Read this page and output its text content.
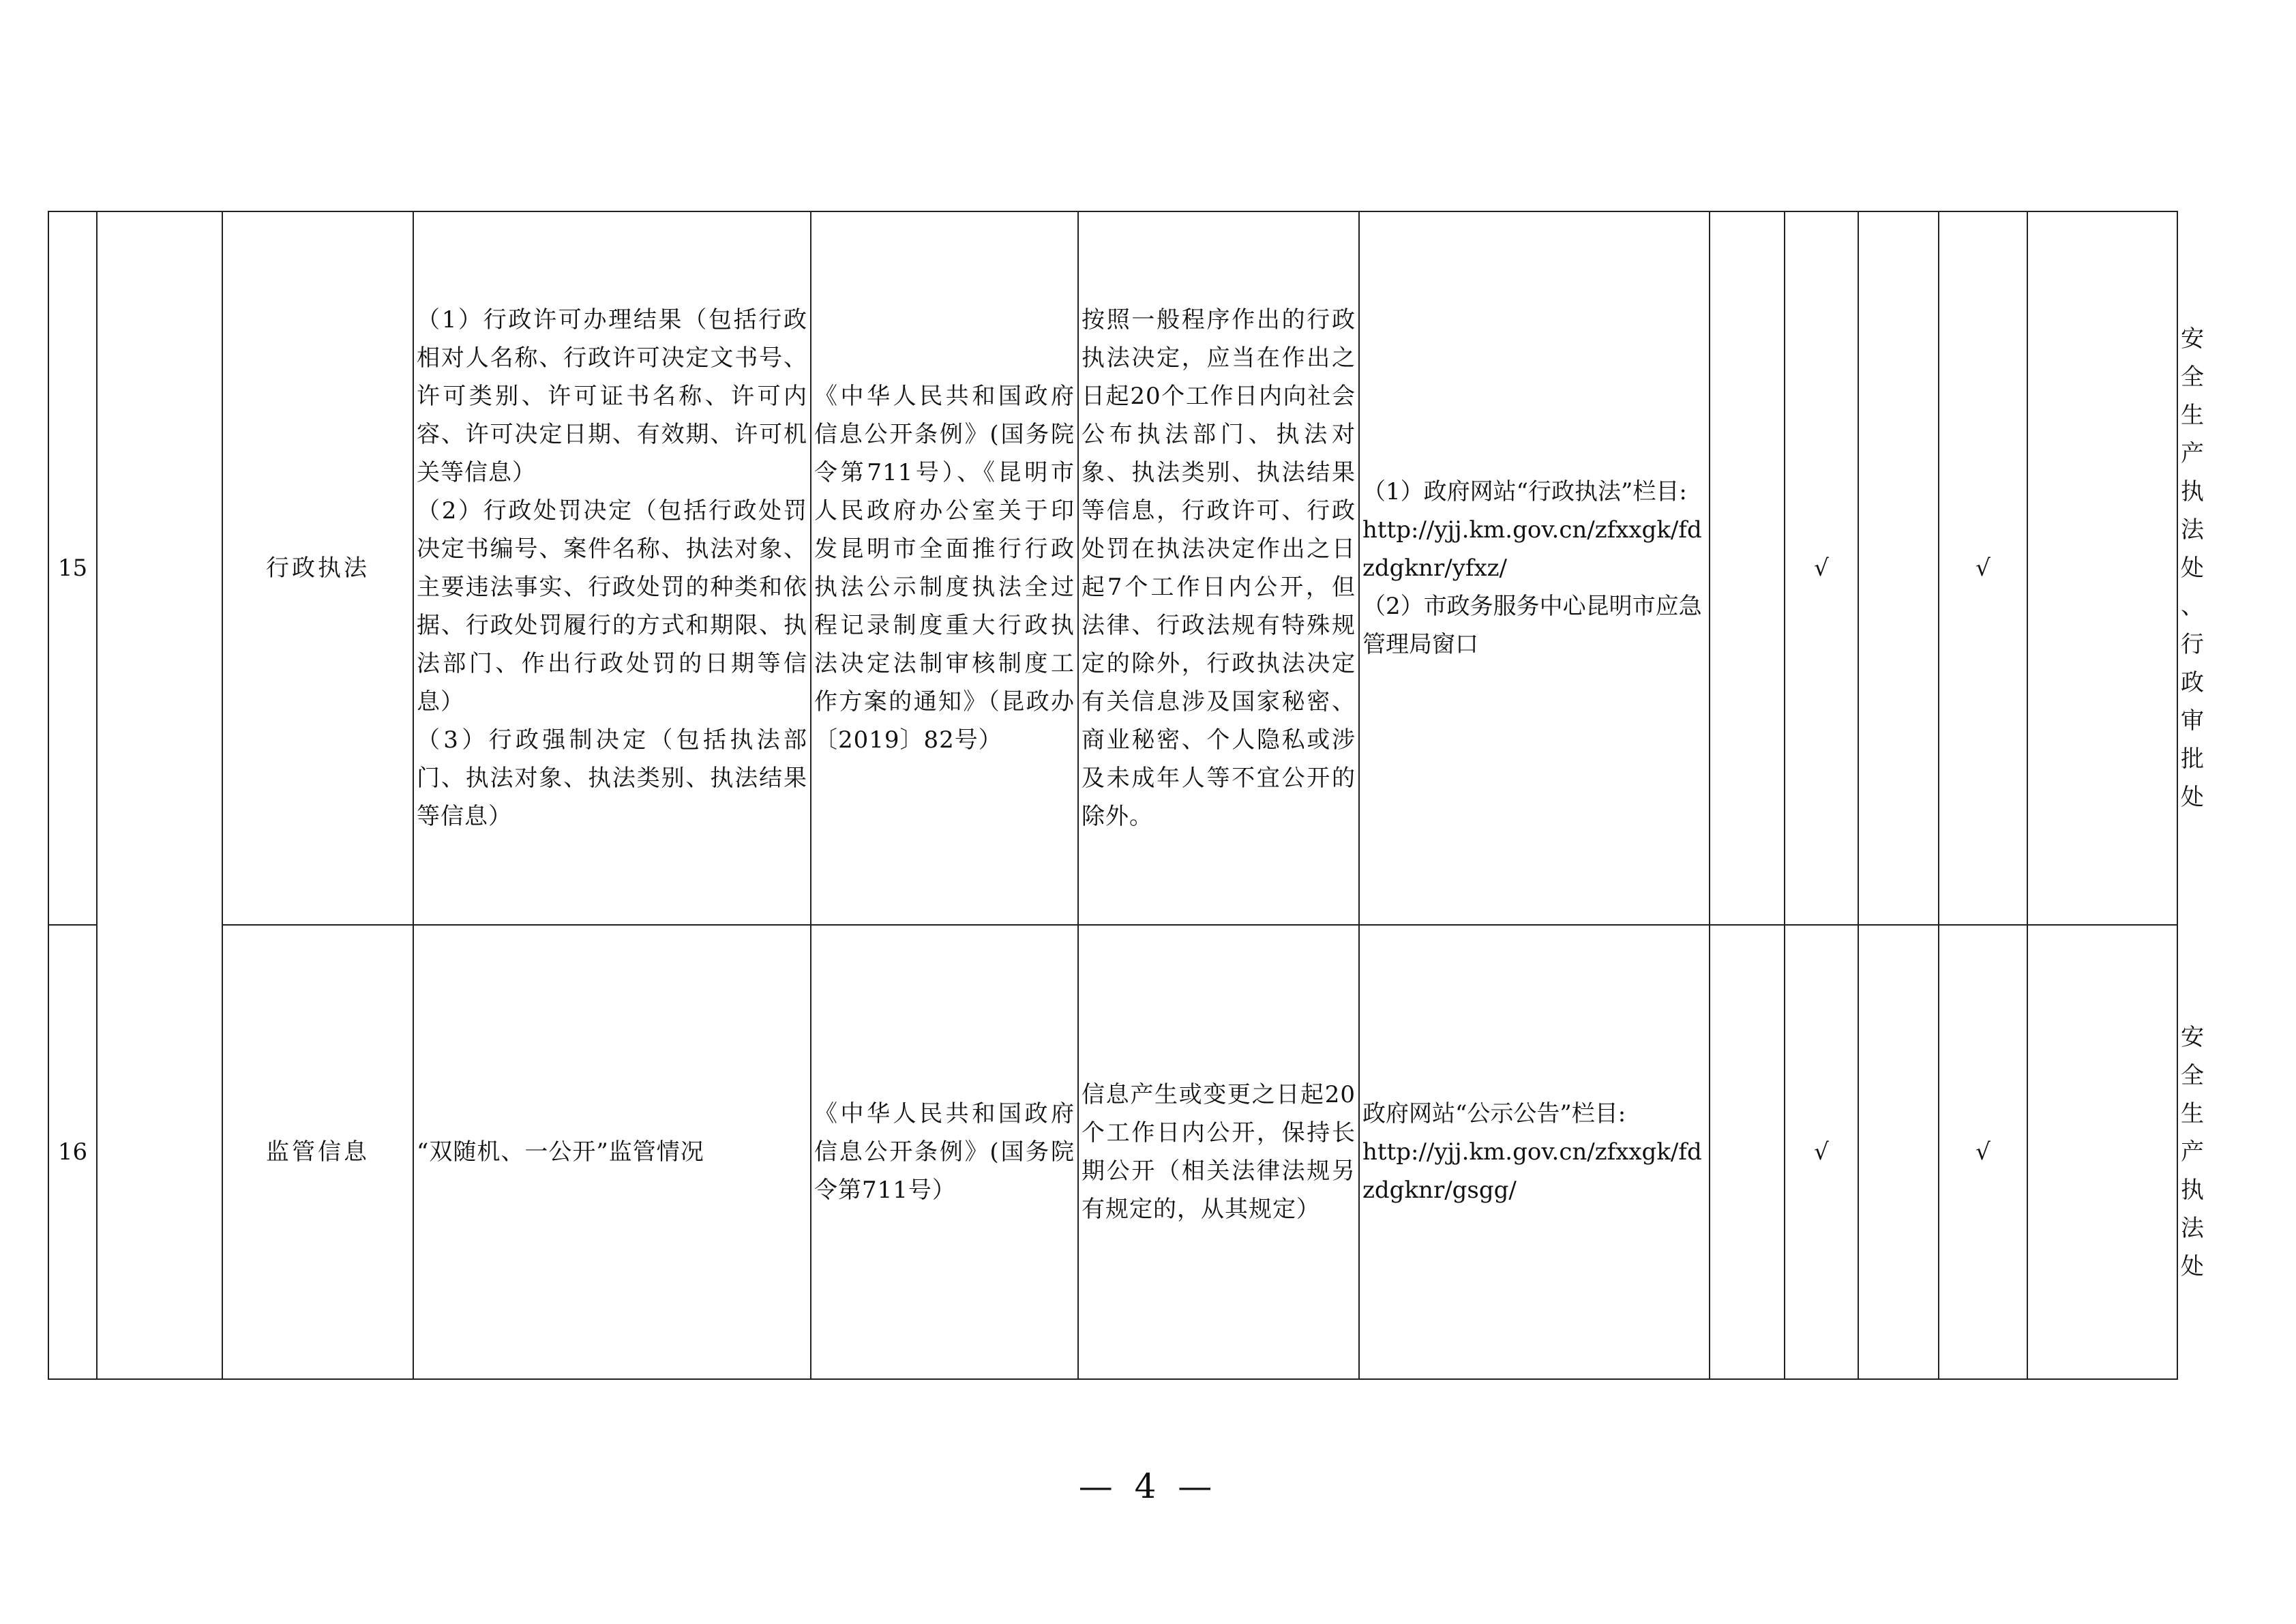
15		行政执法	（1）行政许可办理结果（包括行政相对人名称、行政许可决定文书号、许可类别、许可证书名称、许可内容、许可决定日期、有效期、许可机关等信息）
（2）行政处罚决定（包括行政处罚决定书编号、案件名称、执法对象、主要违法事实、行政处罚的种类和依据、行政处罚履行的方式和期限、执法部门、作出行政处罚的日期等信息）
（3）行政强制决定（包括执法部门、执法对象、执法类别、执法结果等信息）	《中华人民共和国政府信息公开条例》(国务院令第711号）、《昆明市人民政府办公室关于印发昆明市全面推行行政执法公示制度执法全过程记录制度重大行政执法决定法制审核制度工作方案的通知》（昆政办〔2019〕82号）	按照一般程序作出的行政执法决定，应当在作出之日起20个工作日内向社会公布执法部门、执法对象、执法类别、执法结果等信息，行政许可、行政处罚在执法决定作出之日起7个工作日内公开，但法律、行政法规有特殊规定的除外，行政执法决定有关信息涉及国家秘密、商业秘密、个人隐私或涉及未成年人等不宜公开的除外。	（1）政府网站“行政执法”栏目:
http://yjj.km.gov.cn/zfxxgk/fdzdgknr/yfxz/
（2）市政务服务中心昆明市应急管理局窗口		√		√		安全生产执法处、行政审批处
16		监管信息	“双随机、一公开”监管情况	《中华人民共和国政府信息公开条例》(国务院令第711号）	信息产生或变更之日起20个工作日内公开，保持长期公开（相关法律法规另有规定的，从其规定）	政府网站“公示公告”栏目:
http://yjj.km.gov.cn/zfxxgk/fdzdgknr/gsgg/		√		√		安全生产执法处
— 4 —
